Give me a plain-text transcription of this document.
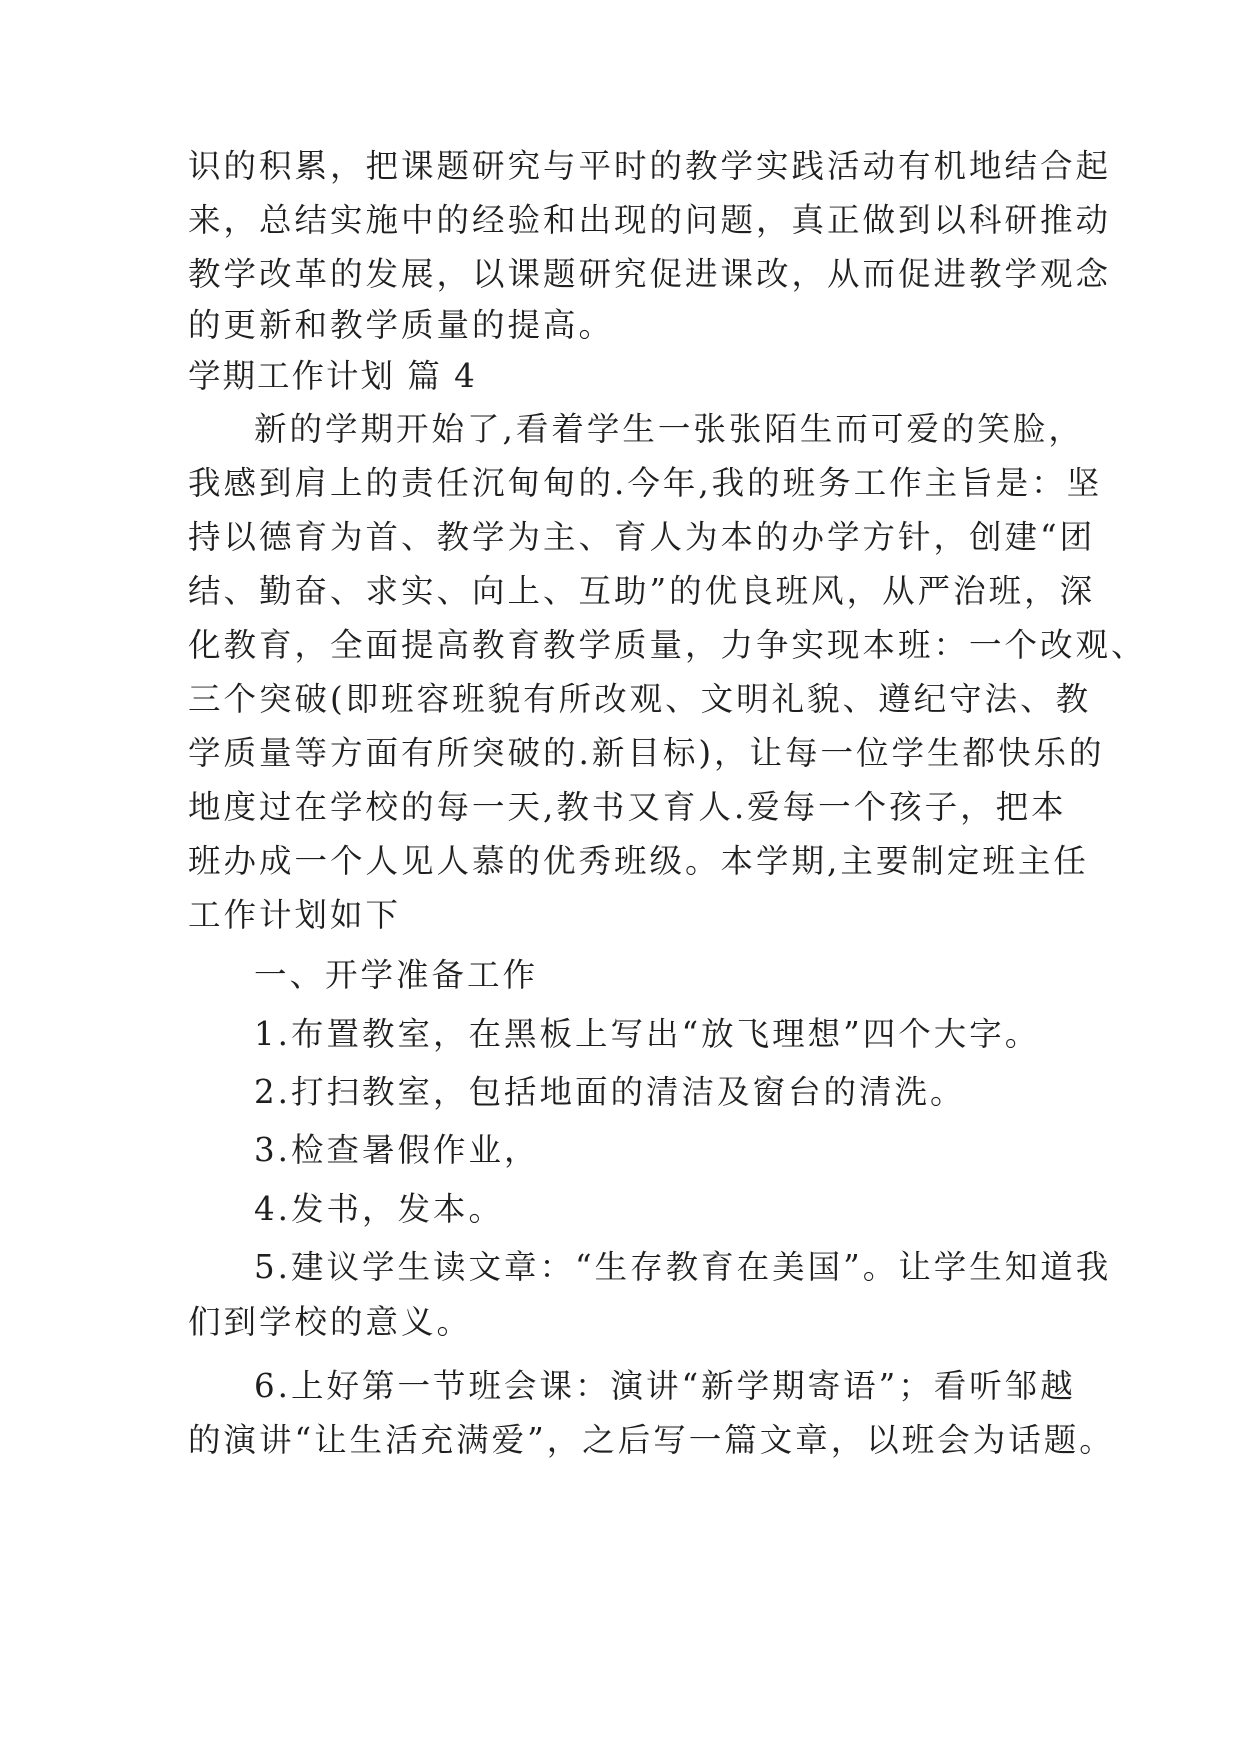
识的积累，把课题研究与平时的教学实践活动有机地结合起
来，总结实施中的经验和出现的问题，真正做到以科研推动
教学改革的发展，以课题研究促进课改，从而促进教学观念
的更新和教学质量的提高。
学期工作计划 篇 4
新的学期开始了,看着学生一张张陌生而可爱的笑脸，
我感到肩上的责任沉甸甸的.今年,我的班务工作主旨是：坚
持以德育为首、教学为主、育人为本的办学方针，创建“团
结、勤奋、求实、向上、互助”的优良班风，从严治班，深
化教育，全面提高教育教学质量，力争实现本班：一个改观、
三个突破(即班容班貌有所改观、文明礼貌、遵纪守法、教
学质量等方面有所突破的.新目标)，让每一位学生都快乐的
地度过在学校的每一天,教书又育人.爱每一个孩子，把本
班办成一个人见人慕的优秀班级。本学期,主要制定班主任
工作计划如下
一、开学准备工作
1.布置教室，在黑板上写出“放飞理想”四个大字。
2.打扫教室，包括地面的清洁及窗台的清洗。
3.检查暑假作业，
4.发书，发本。
5.建议学生读文章：“生存教育在美国”。让学生知道我
们到学校的意义。
6.上好第一节班会课：演讲“新学期寄语”；看听邹越
的演讲“让生活充满爱”，之后写一篇文章，以班会为话题。
